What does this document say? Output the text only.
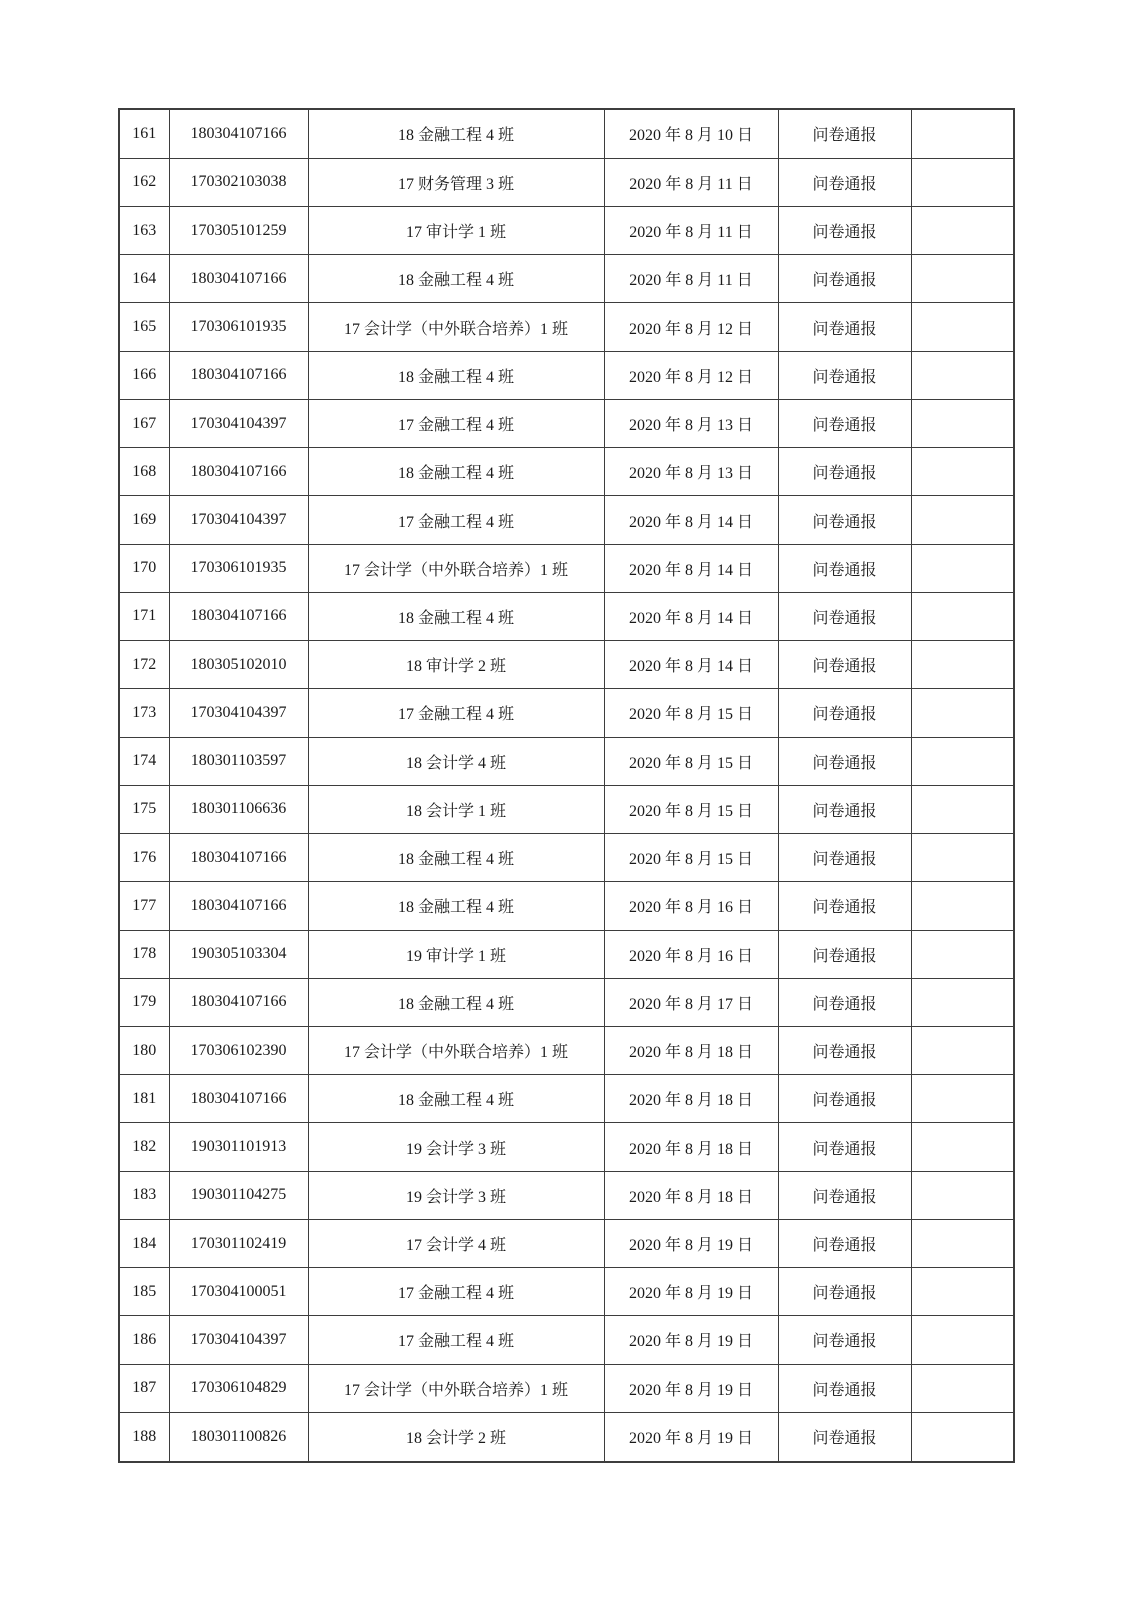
161	180304107166	18 金融工程 4 班	2020 年 8 月 10 日	问卷通报	
162	170302103038	17 财务管理 3 班	2020 年 8 月 11 日	问卷通报	
163	170305101259	17 审计学 1 班	2020 年 8 月 11 日	问卷通报	
164	180304107166	18 金融工程 4 班	2020 年 8 月 11 日	问卷通报	
165	170306101935	17 会计学（中外联合培养）1 班	2020 年 8 月 12 日	问卷通报	
166	180304107166	18 金融工程 4 班	2020 年 8 月 12 日	问卷通报	
167	170304104397	17 金融工程 4 班	2020 年 8 月 13 日	问卷通报	
168	180304107166	18 金融工程 4 班	2020 年 8 月 13 日	问卷通报	
169	170304104397	17 金融工程 4 班	2020 年 8 月 14 日	问卷通报	
170	170306101935	17 会计学（中外联合培养）1 班	2020 年 8 月 14 日	问卷通报	
171	180304107166	18 金融工程 4 班	2020 年 8 月 14 日	问卷通报	
172	180305102010	18 审计学 2 班	2020 年 8 月 14 日	问卷通报	
173	170304104397	17 金融工程 4 班	2020 年 8 月 15 日	问卷通报	
174	180301103597	18 会计学 4 班	2020 年 8 月 15 日	问卷通报	
175	180301106636	18 会计学 1 班	2020 年 8 月 15 日	问卷通报	
176	180304107166	18 金融工程 4 班	2020 年 8 月 15 日	问卷通报	
177	180304107166	18 金融工程 4 班	2020 年 8 月 16 日	问卷通报	
178	190305103304	19 审计学 1 班	2020 年 8 月 16 日	问卷通报	
179	180304107166	18 金融工程 4 班	2020 年 8 月 17 日	问卷通报	
180	170306102390	17 会计学（中外联合培养）1 班	2020 年 8 月 18 日	问卷通报	
181	180304107166	18 金融工程 4 班	2020 年 8 月 18 日	问卷通报	
182	190301101913	19 会计学 3 班	2020 年 8 月 18 日	问卷通报	
183	190301104275	19 会计学 3 班	2020 年 8 月 18 日	问卷通报	
184	170301102419	17 会计学 4 班	2020 年 8 月 19 日	问卷通报	
185	170304100051	17 金融工程 4 班	2020 年 8 月 19 日	问卷通报	
186	170304104397	17 金融工程 4 班	2020 年 8 月 19 日	问卷通报	
187	170306104829	17 会计学（中外联合培养）1 班	2020 年 8 月 19 日	问卷通报	
188	180301100826	18 会计学 2 班	2020 年 8 月 19 日	问卷通报	
